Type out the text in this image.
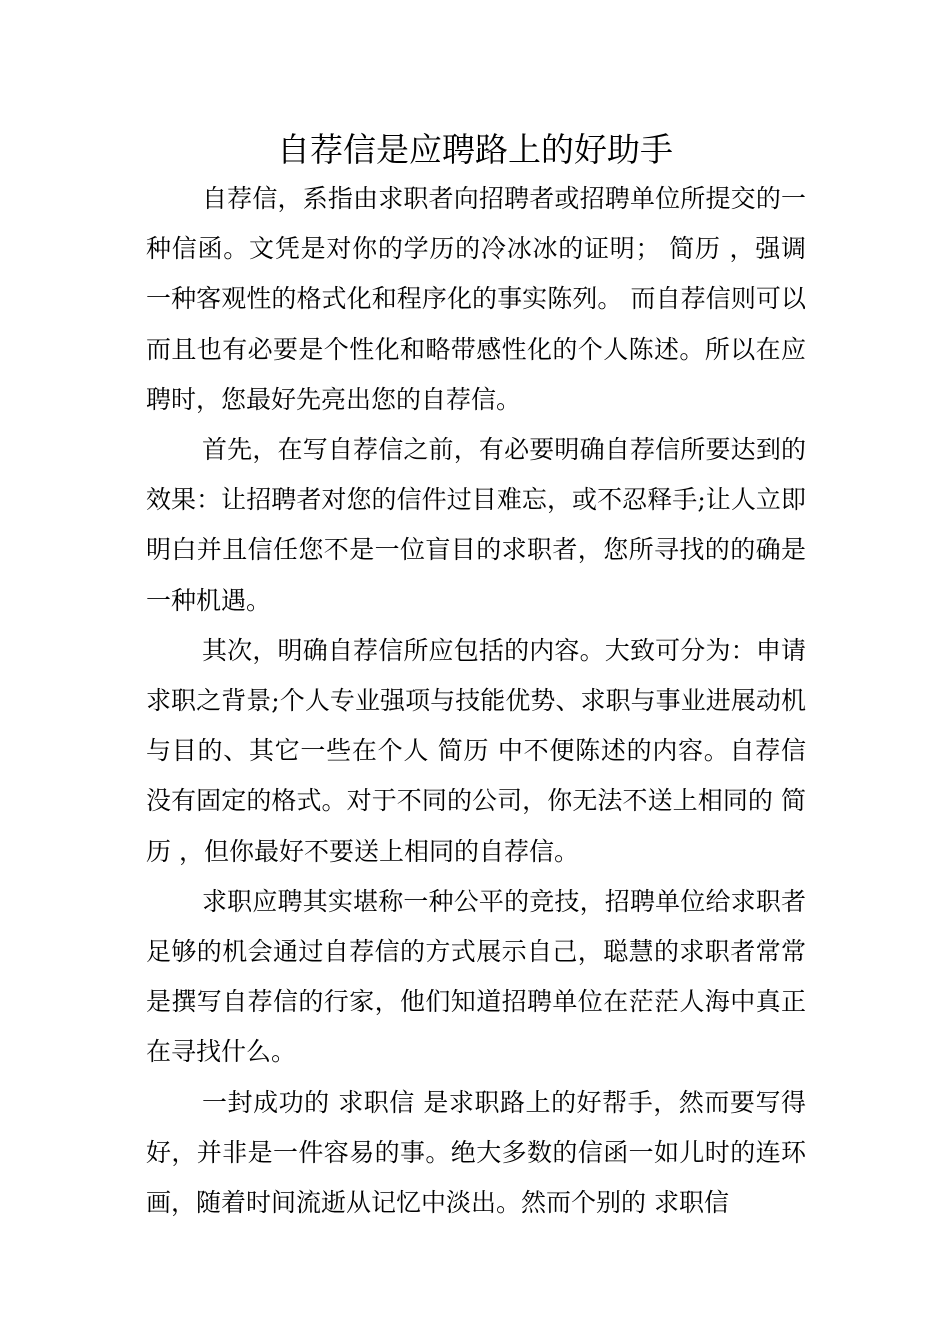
自荐信是应聘路上的好助手

自荐信，系指由求职者向招聘者或招聘单位所提交的一种信函。文凭是对你的学历的冷冰冰的证明； 简历 ，强调一种客观性的格式化和程序化的事实陈列。 而自荐信则可以而且也有必要是个性化和略带感性化的个人陈述。所以在应聘时，您最好先亮出您的自荐信。

首先，在写自荐信之前，有必要明确自荐信所要达到的效果：让招聘者对您的信件过目难忘，或不忍释手;让人立即明白并且信任您不是一位盲目的求职者，您所寻找的的确是一种机遇。

其次，明确自荐信所应包括的内容。大致可分为：申请求职之背景;个人专业强项与技能优势、求职与事业进展动机与目的、其它一些在个人 简历 中不便陈述的内容。自荐信没有固定的格式。对于不同的公司，你无法不送上相同的 简历 ，但你最好不要送上相同的自荐信。

求职应聘其实堪称一种公平的竞技，招聘单位给求职者足够的机会通过自荐信的方式展示自己，聪慧的求职者常常是撰写自荐信的行家，他们知道招聘单位在茫茫人海中真正在寻找什么。

一封成功的 求职信 是求职路上的好帮手，然而要写得好，并非是一件容易的事。绝大多数的信函一如儿时的连环画，随着时间流逝从记忆中淡出。然而个别的 求职信
